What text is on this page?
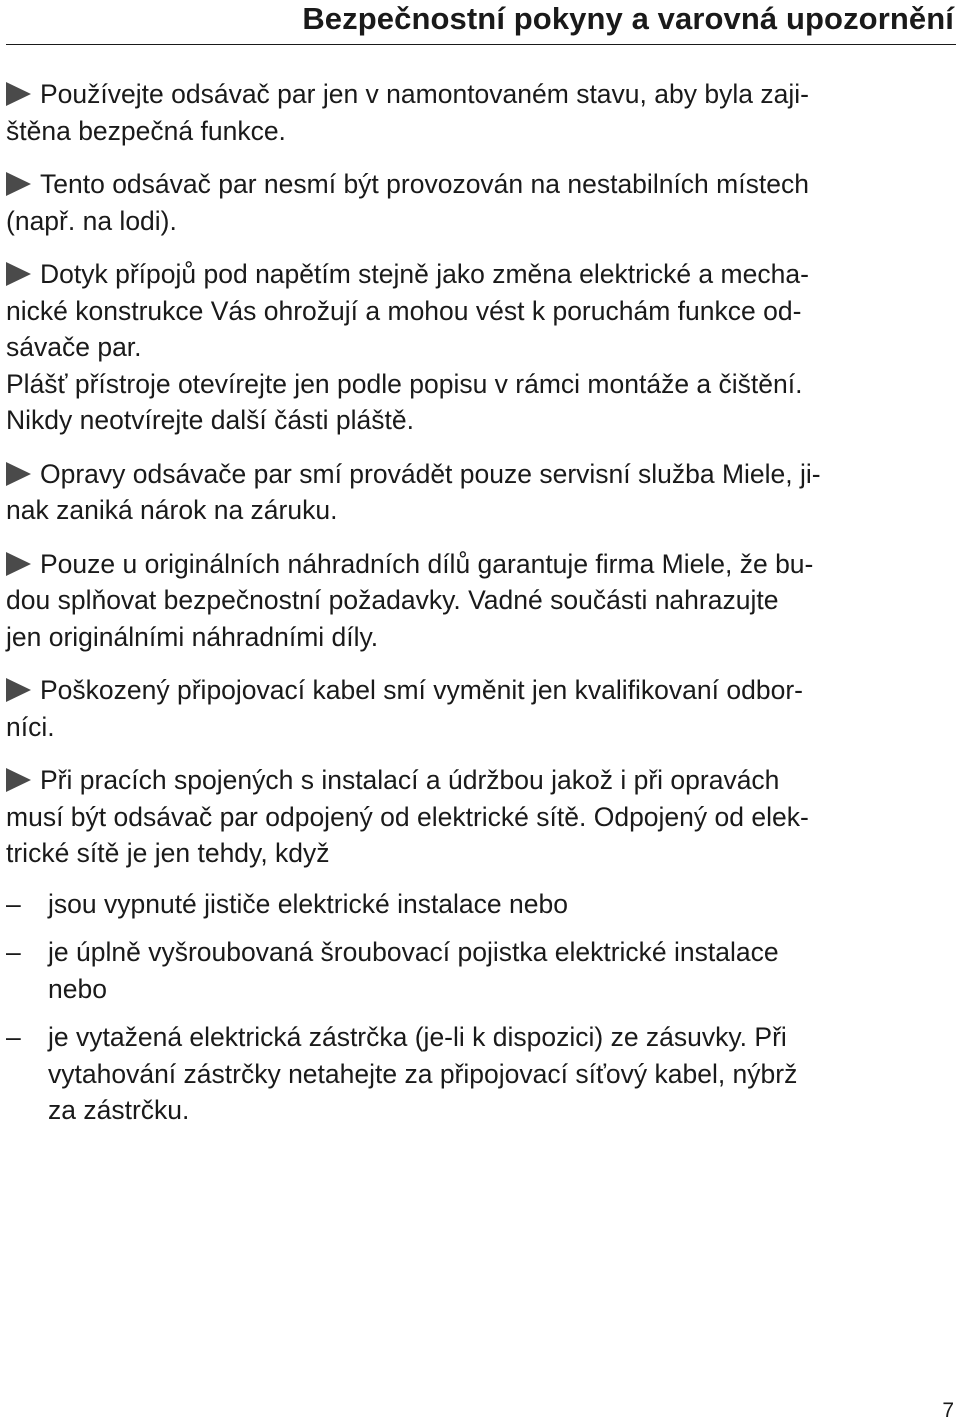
Bezpečnostní pokyny a varovná upozornění

Používejte odsávač par jen v namontovaném stavu, aby byla zaji-
štěna bezpečná funkce.

Tento odsávač par nesmí být provozován na nestabilních místech
(např. na lodi).

Dotyk přípojů pod napětím stejně jako změna elektrické a mecha-
nické konstrukce Vás ohrožují a mohou vést k poruchám funkce od-
sávače par.

Plášť přístroje otevírejte jen podle popisu v rámci montáže a čištění.
Nikdy neotvírejte další části pláště.

Opravy odsávače par smí provádět pouze servisní služba Miele, ji-
nak zaniká nárok na záruku.

Pouze u originálních náhradních dílů garantuje firma Miele, že bu-
dou splňovat bezpečnostní požadavky. Vadné součásti nahrazujte
jen originálními náhradními díly.

Poškozený připojovací kabel smí vyměnit jen kvalifikovaní odbor-
níci.

Při pracích spojených s instalací a údržbou jakož i při opravách
musí být odsávač par odpojený od elektrické sítě. Odpojený od elek-
trické sítě je jen tehdy, když

– jsou vypnuté jističe elektrické instalace nebo
– je úplně vyšroubovaná šroubovací pojistka elektrické instalace
nebo
– je vytažená elektrická zástrčka (je-li k dispozici) ze zásuvky. Při
vytahování zástrčky netahejte za připojovací síťový kabel, nýbrž
za zástrčku.
7
